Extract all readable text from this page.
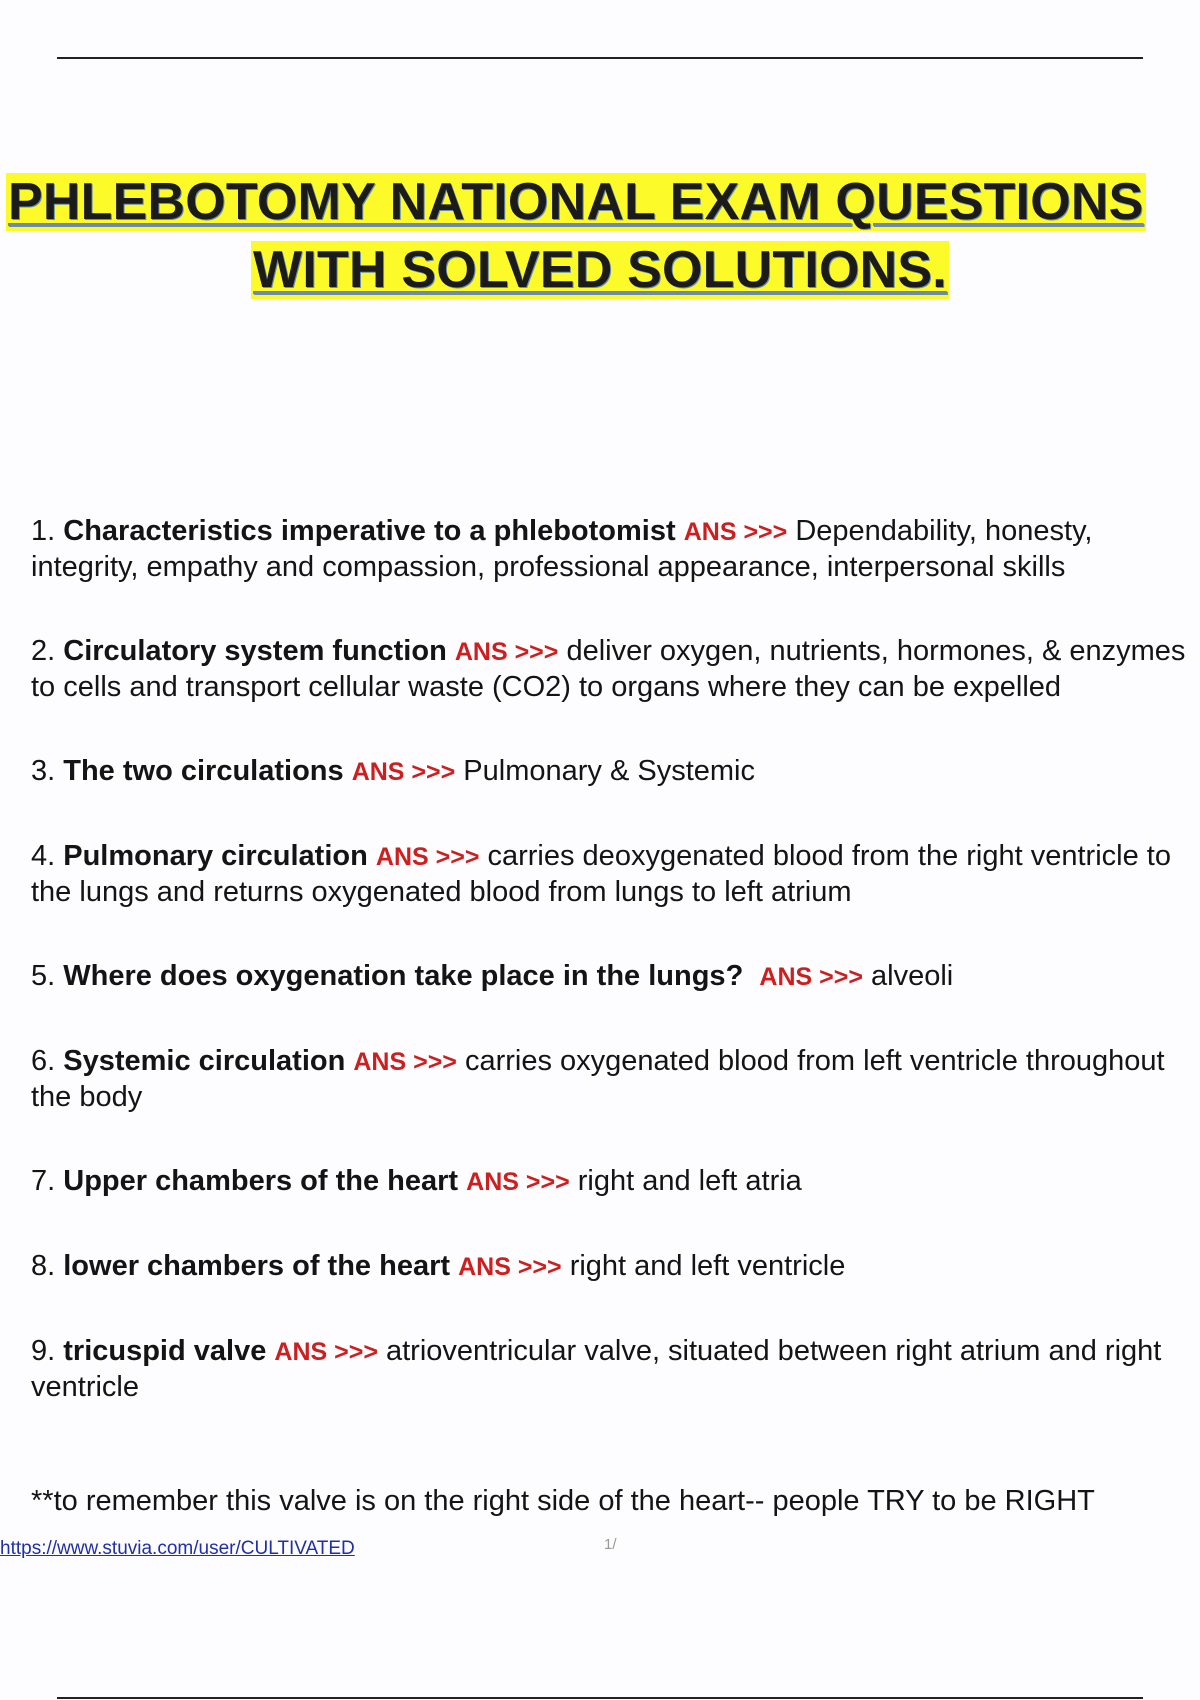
PHLEBOTOMY NATIONAL EXAM QUESTIONS
WITH SOLVED SOLUTIONS.

1. Characteristics imperative to a phlebotomist ANS >>> Dependability, honesty, integrity, empathy and compassion, professional appearance, interpersonal skills

2. Circulatory system function ANS >>> deliver oxygen, nutrients, hormones, & enzymes to cells and transport cellular waste (CO2) to organs where they can be expelled

3. The two circulations ANS >>> Pulmonary & Systemic

4. Pulmonary circulation ANS >>> carries deoxygenated blood from the right ventricle to the lungs and returns oxygenated blood from lungs to left atrium

5. Where does oxygenation take place in the lungs? ANS >>> alveoli

6. Systemic circulation ANS >>> carries oxygenated blood from left ventricle throughout the body

7. Upper chambers of the heart ANS >>> right and left atria

8. lower chambers of the heart ANS >>> right and left ventricle

9. tricuspid valve ANS >>> atrioventricular valve, situated between right atrium and right ventricle

**to remember this valve is on the right side of the heart-- people TRY to be RIGHT
https://www.stuvia.com/user/CULTIVATED	1/
